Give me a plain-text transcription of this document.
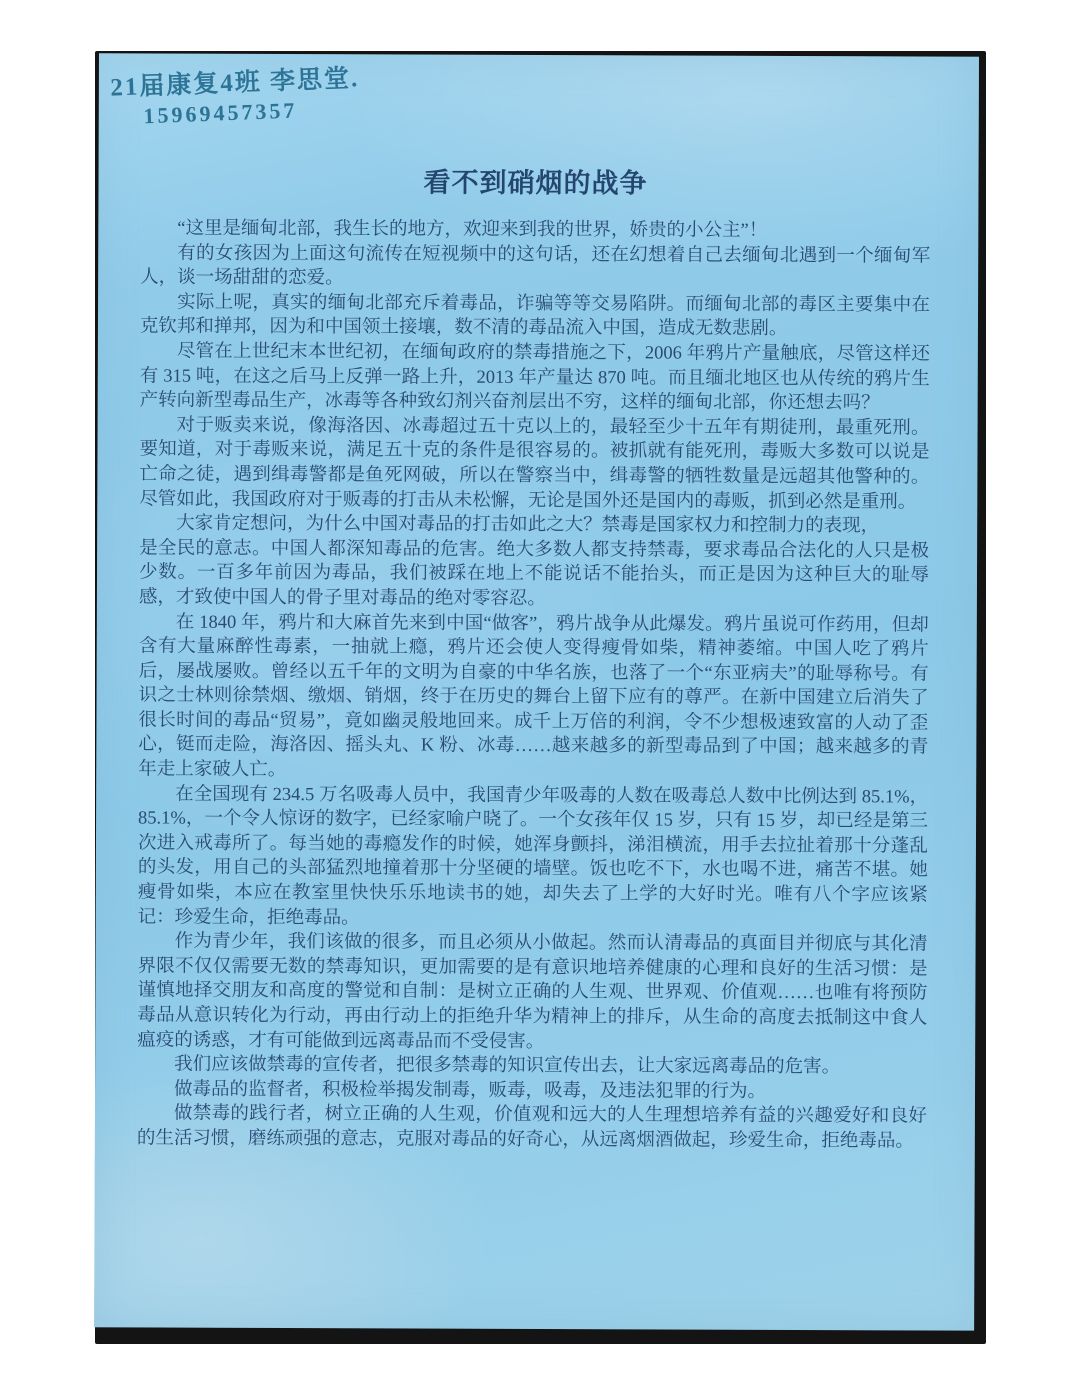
21届康复4班 李思堂.
15969457357
看不到硝烟的战争

“这里是缅甸北部，我生长的地方，欢迎来到我的世界，娇贵的小公主”！

有的女孩因为上面这句流传在短视频中的这句话，还在幻想着自己去缅甸北遇到一个缅甸军人，谈一场甜甜的恋爱。

实际上呢，真实的缅甸北部充斥着毒品，诈骗等等交易陷阱。而缅甸北部的毒区主要集中在克钦邦和掸邦，因为和中国领土接壤，数不清的毒品流入中国，造成无数悲剧。

尽管在上世纪末本世纪初，在缅甸政府的禁毒措施之下，2006 年鸦片产量触底，尽管这样还有 315 吨，在这之后马上反弹一路上升，2013 年产量达 870 吨。而且缅北地区也从传统的鸦片生产转向新型毒品生产，冰毒等各种致幻剂兴奋剂层出不穷，这样的缅甸北部，你还想去吗？

对于贩卖来说，像海洛因、冰毒超过五十克以上的，最轻至少十五年有期徒刑，最重死刑。要知道，对于毒贩来说，满足五十克的条件是很容易的。被抓就有能死刑，毒贩大多数可以说是亡命之徒，遇到缉毒警都是鱼死网破，所以在警察当中，缉毒警的牺牲数量是远超其他警种的。尽管如此，我国政府对于贩毒的打击从未松懈，无论是国外还是国内的毒贩，抓到必然是重刑。

大家肯定想问，为什么中国对毒品的打击如此之大？禁毒是国家权力和控制力的表现，

是全民的意志。中国人都深知毒品的危害。绝大多数人都支持禁毒，要求毒品合法化的人只是极少数。一百多年前因为毒品，我们被踩在地上不能说话不能抬头，而正是因为这种巨大的耻辱感，才致使中国人的骨子里对毒品的绝对零容忍。

在 1840 年，鸦片和大麻首先来到中国“做客”，鸦片战争从此爆发。鸦片虽说可作药用，但却含有大量麻醉性毒素，一抽就上瘾，鸦片还会使人变得瘦骨如柴，精神萎缩。中国人吃了鸦片后，屡战屡败。曾经以五千年的文明为自豪的中华名族，也落了一个“东亚病夫”的耻辱称号。有识之士林则徐禁烟、缴烟、销烟，终于在历史的舞台上留下应有的尊严。在新中国建立后消失了很长时间的毒品“贸易”，竟如幽灵般地回来。成千上万倍的利润，令不少想极速致富的人动了歪心，铤而走险，海洛因、摇头丸、K 粉、冰毒……越来越多的新型毒品到了中国；越来越多的青年走上家破人亡。

在全国现有 234.5 万名吸毒人员中，我国青少年吸毒的人数在吸毒总人数中比例达到 85.1%，85.1%，一个令人惊讶的数字，已经家喻户晓了。一个女孩年仅 15 岁，只有 15 岁，却已经是第三次进入戒毒所了。每当她的毒瘾发作的时候，她浑身颤抖，涕泪横流，用手去拉扯着那十分蓬乱的头发，用自己的头部猛烈地撞着那十分坚硬的墙壁。饭也吃不下，水也喝不进，痛苦不堪。她瘦骨如柴，本应在教室里快快乐乐地读书的她，却失去了上学的大好时光。唯有八个字应该紧记：珍爱生命，拒绝毒品。

作为青少年，我们该做的很多，而且必须从小做起。然而认清毒品的真面目并彻底与其化清界限不仅仅需要无数的禁毒知识，更加需要的是有意识地培养健康的心理和良好的生活习惯：是谨慎地择交朋友和高度的警觉和自制：是树立正确的人生观、世界观、价值观……也唯有将预防毒品从意识转化为行动，再由行动上的拒绝升华为精神上的排斥，从生命的高度去抵制这中食人瘟疫的诱惑，才有可能做到远离毒品而不受侵害。

我们应该做禁毒的宣传者，把很多禁毒的知识宣传出去，让大家远离毒品的危害。

做毒品的监督者，积极检举揭发制毒，贩毒，吸毒，及违法犯罪的行为。

做禁毒的践行者，树立正确的人生观，价值观和远大的人生理想培养有益的兴趣爱好和良好的生活习惯，磨练顽强的意志，克服对毒品的好奇心，从远离烟酒做起，珍爱生命，拒绝毒品。
